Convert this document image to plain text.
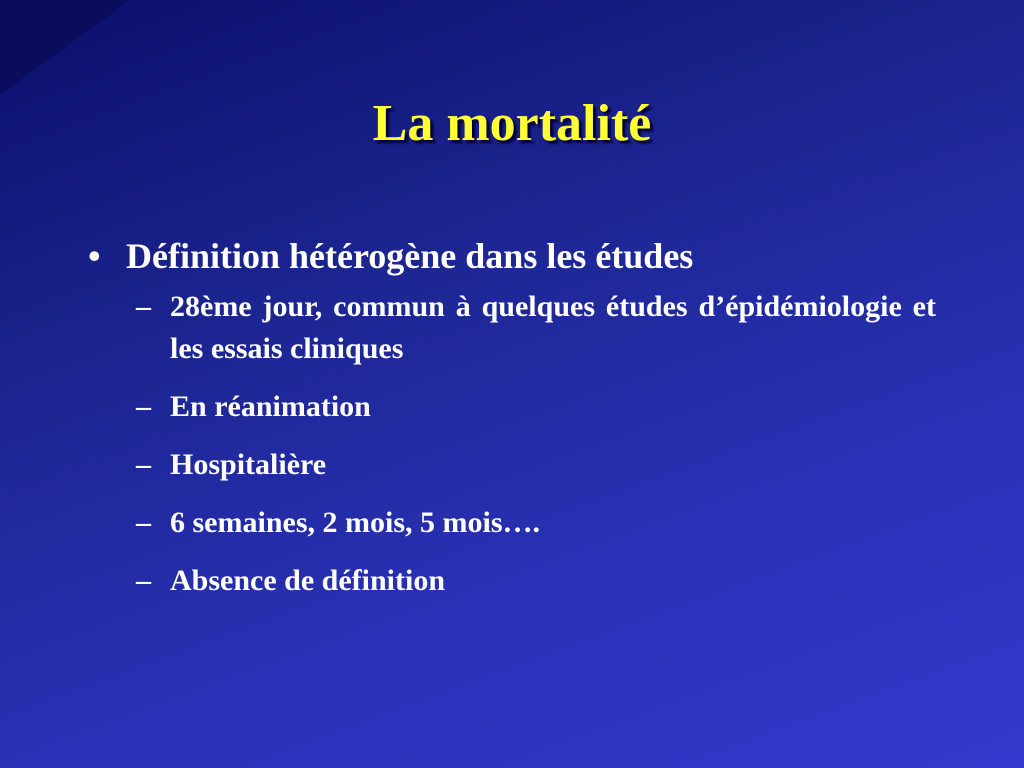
La mortalité
• Définition hétérogène dans les études
– 28ème jour, commun à quelques études d’épidémiologie et les essais cliniques
– En réanimation
– Hospitalière
– 6 semaines, 2 mois, 5 mois….
– Absence de définition
